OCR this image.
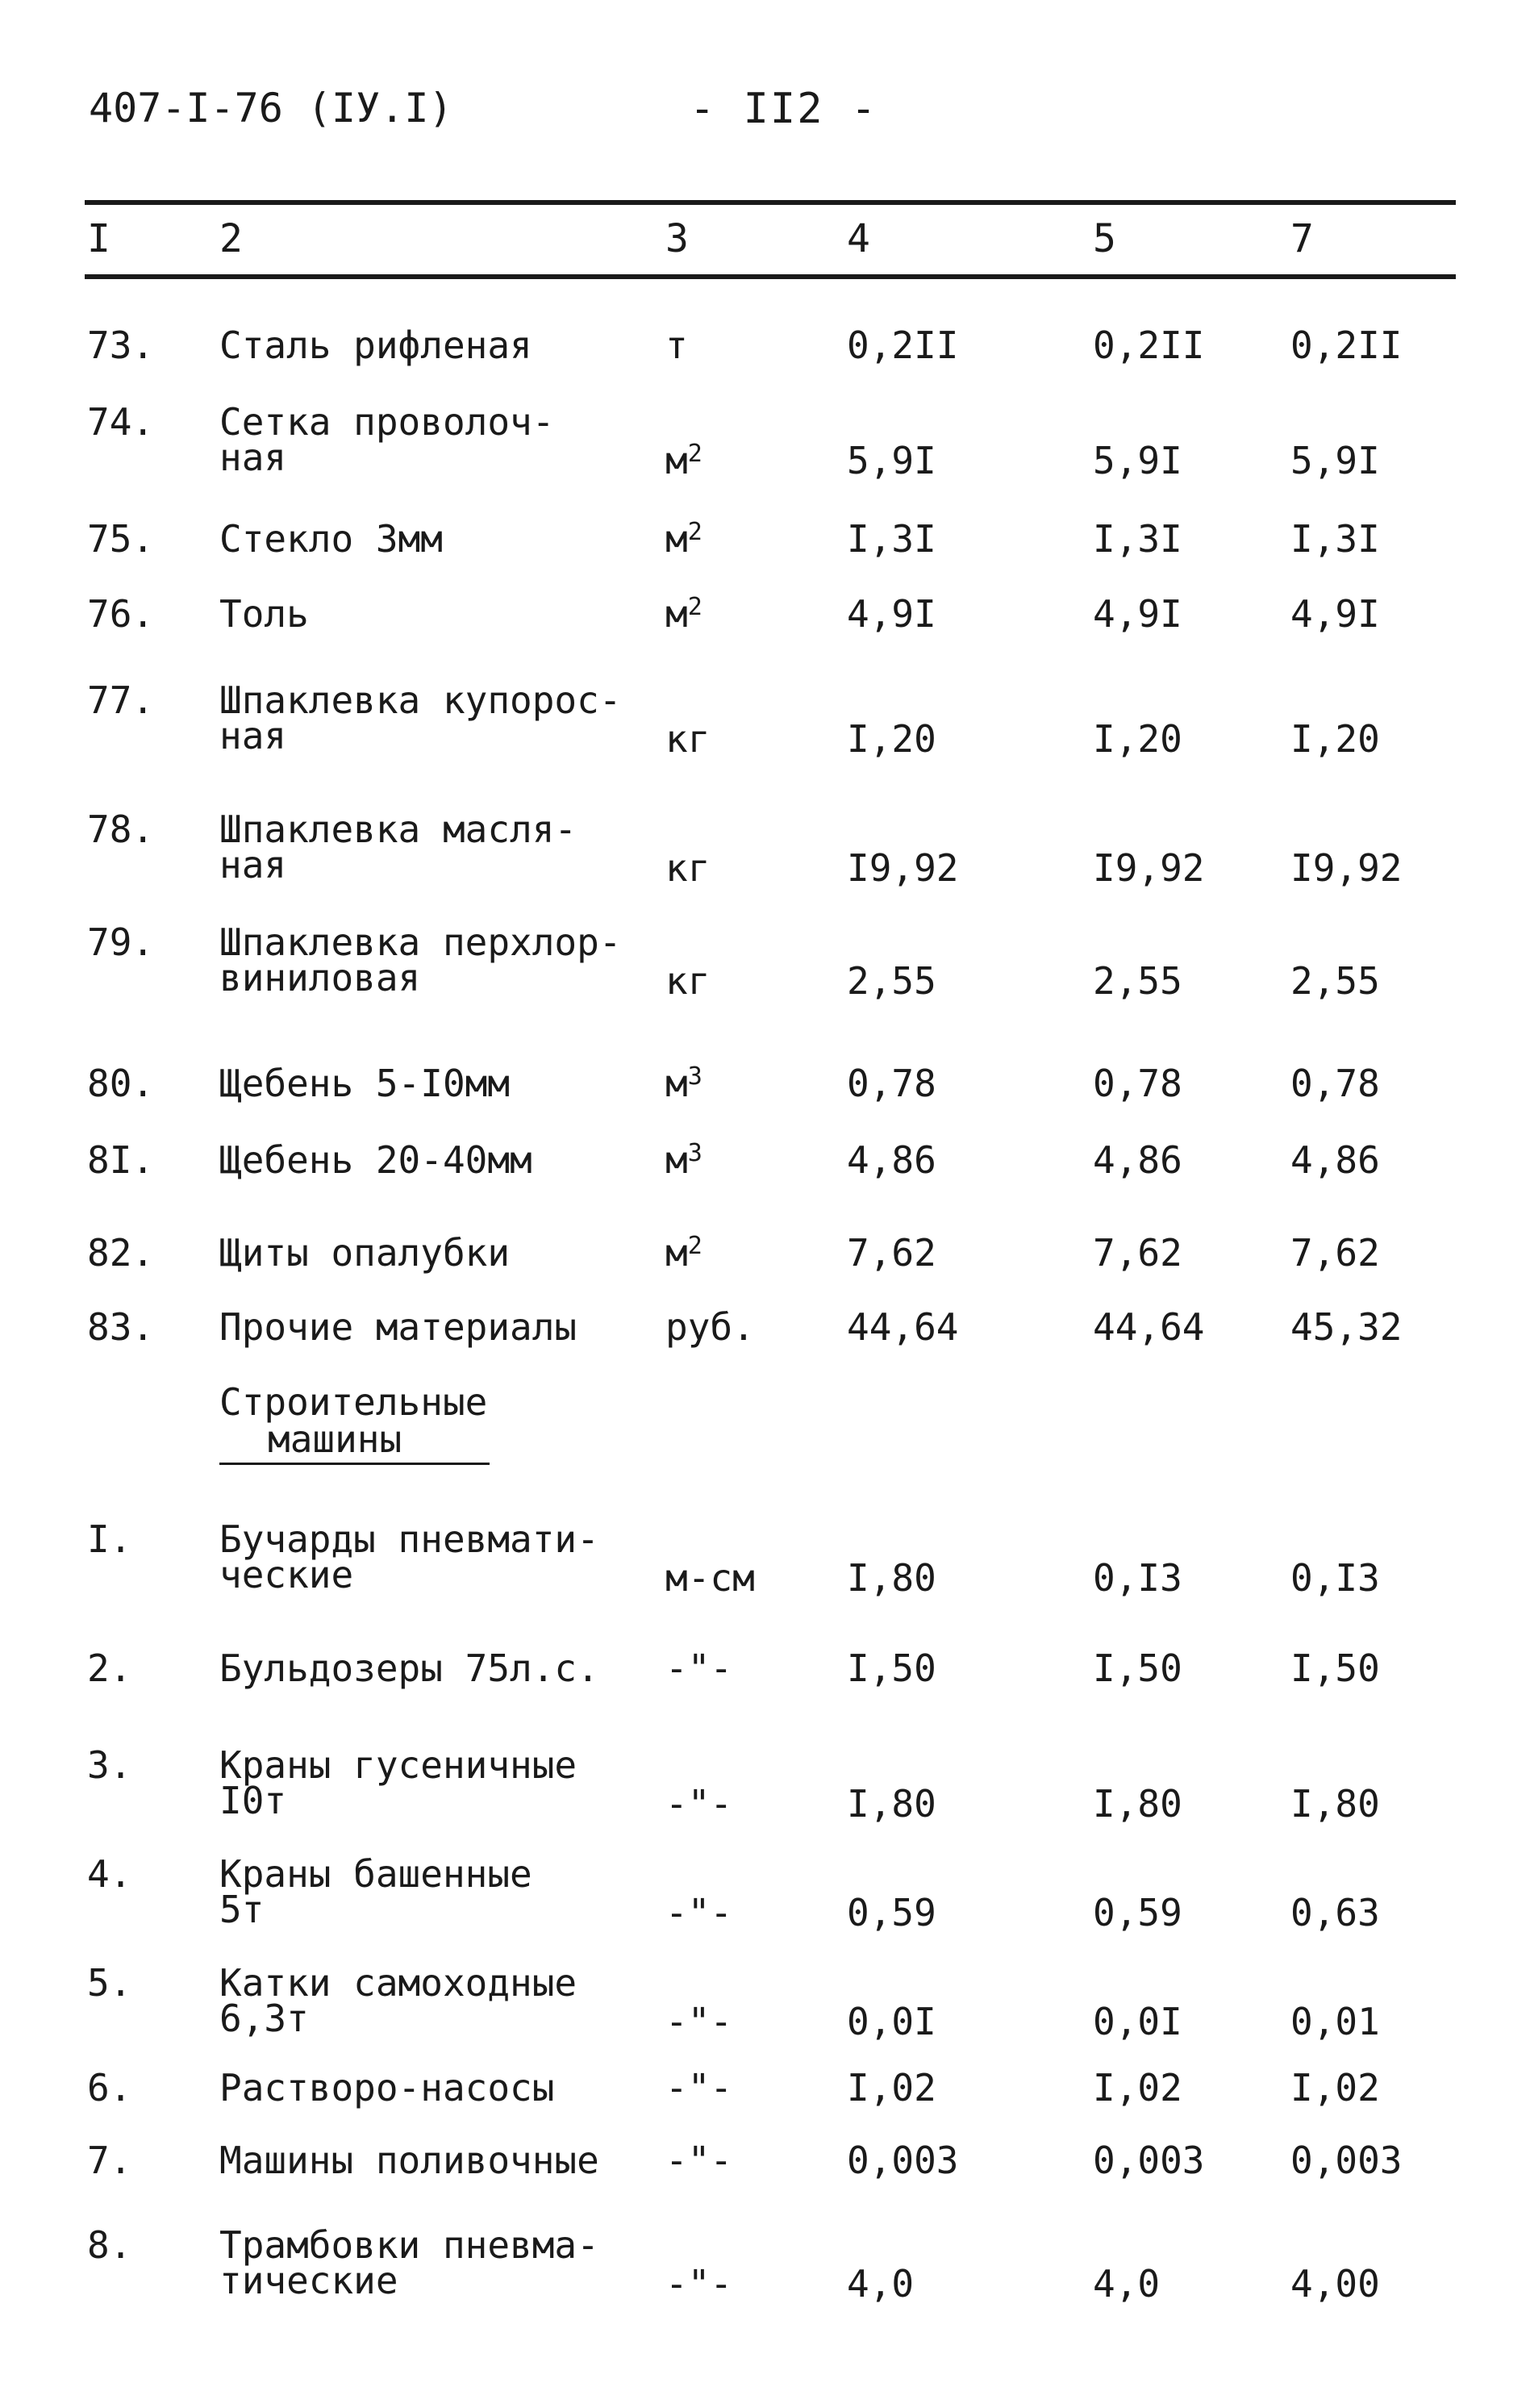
407-I-76 (IУ.I)	- II2 -
I	2	3	4	5	7
73. Сталь рифленая	т	0,2II	0,2II 0,2II
74. Сетка проволоч-
ная	$м^2$	5,9I	5,9I	5,9I
75. Стекло 3мм	$м^2$	I,3I	I,3I	I,3I
76. Толь	$м^2$	4,9I	4,9I	4,9I
77. Шпаклевка купорос-
ная	кг	I,20	I,20	I,20
78. Шпаклевка масля-
ная	кг	I9,92	I9,92 I9,92
79. Шпаклевка перхлор-
виниловая	кг	2,55	2,55	2,55
80. Щебень 5-I0мм	$м^3$	0,78	0,78	0,78
8I. Щебень 20-40мм	$м^3$	4,86	4,86	4,86
82. Щиты опалубки	$м^2$	7,62	7,62	7,62
83. Прочие материалы руб. 44,64	44,64 45,32
Строительные
машины
I. Бучарды пневмати-
ческие	м-см I,80	0,I3	0,I3
2. Бульдозеры 75л.с. -"-	I,50	I,50	I,50
3. Краны гусеничные
I0т	-"-	I,80	I,80	I,80
4. Краны башенные
5т	-"-	0,59	0,59	0,63
5. Катки самоходные
6,3т	-"-	0,0I	0,0I	0,01
6. Растворо-насосы	-"-	I,02	I,02	I,02
7. Машины поливочные -"-	0,003	0,003 0,003
8. Трамбовки пневма-
тические	-"-	4,0	4,0	4,00
